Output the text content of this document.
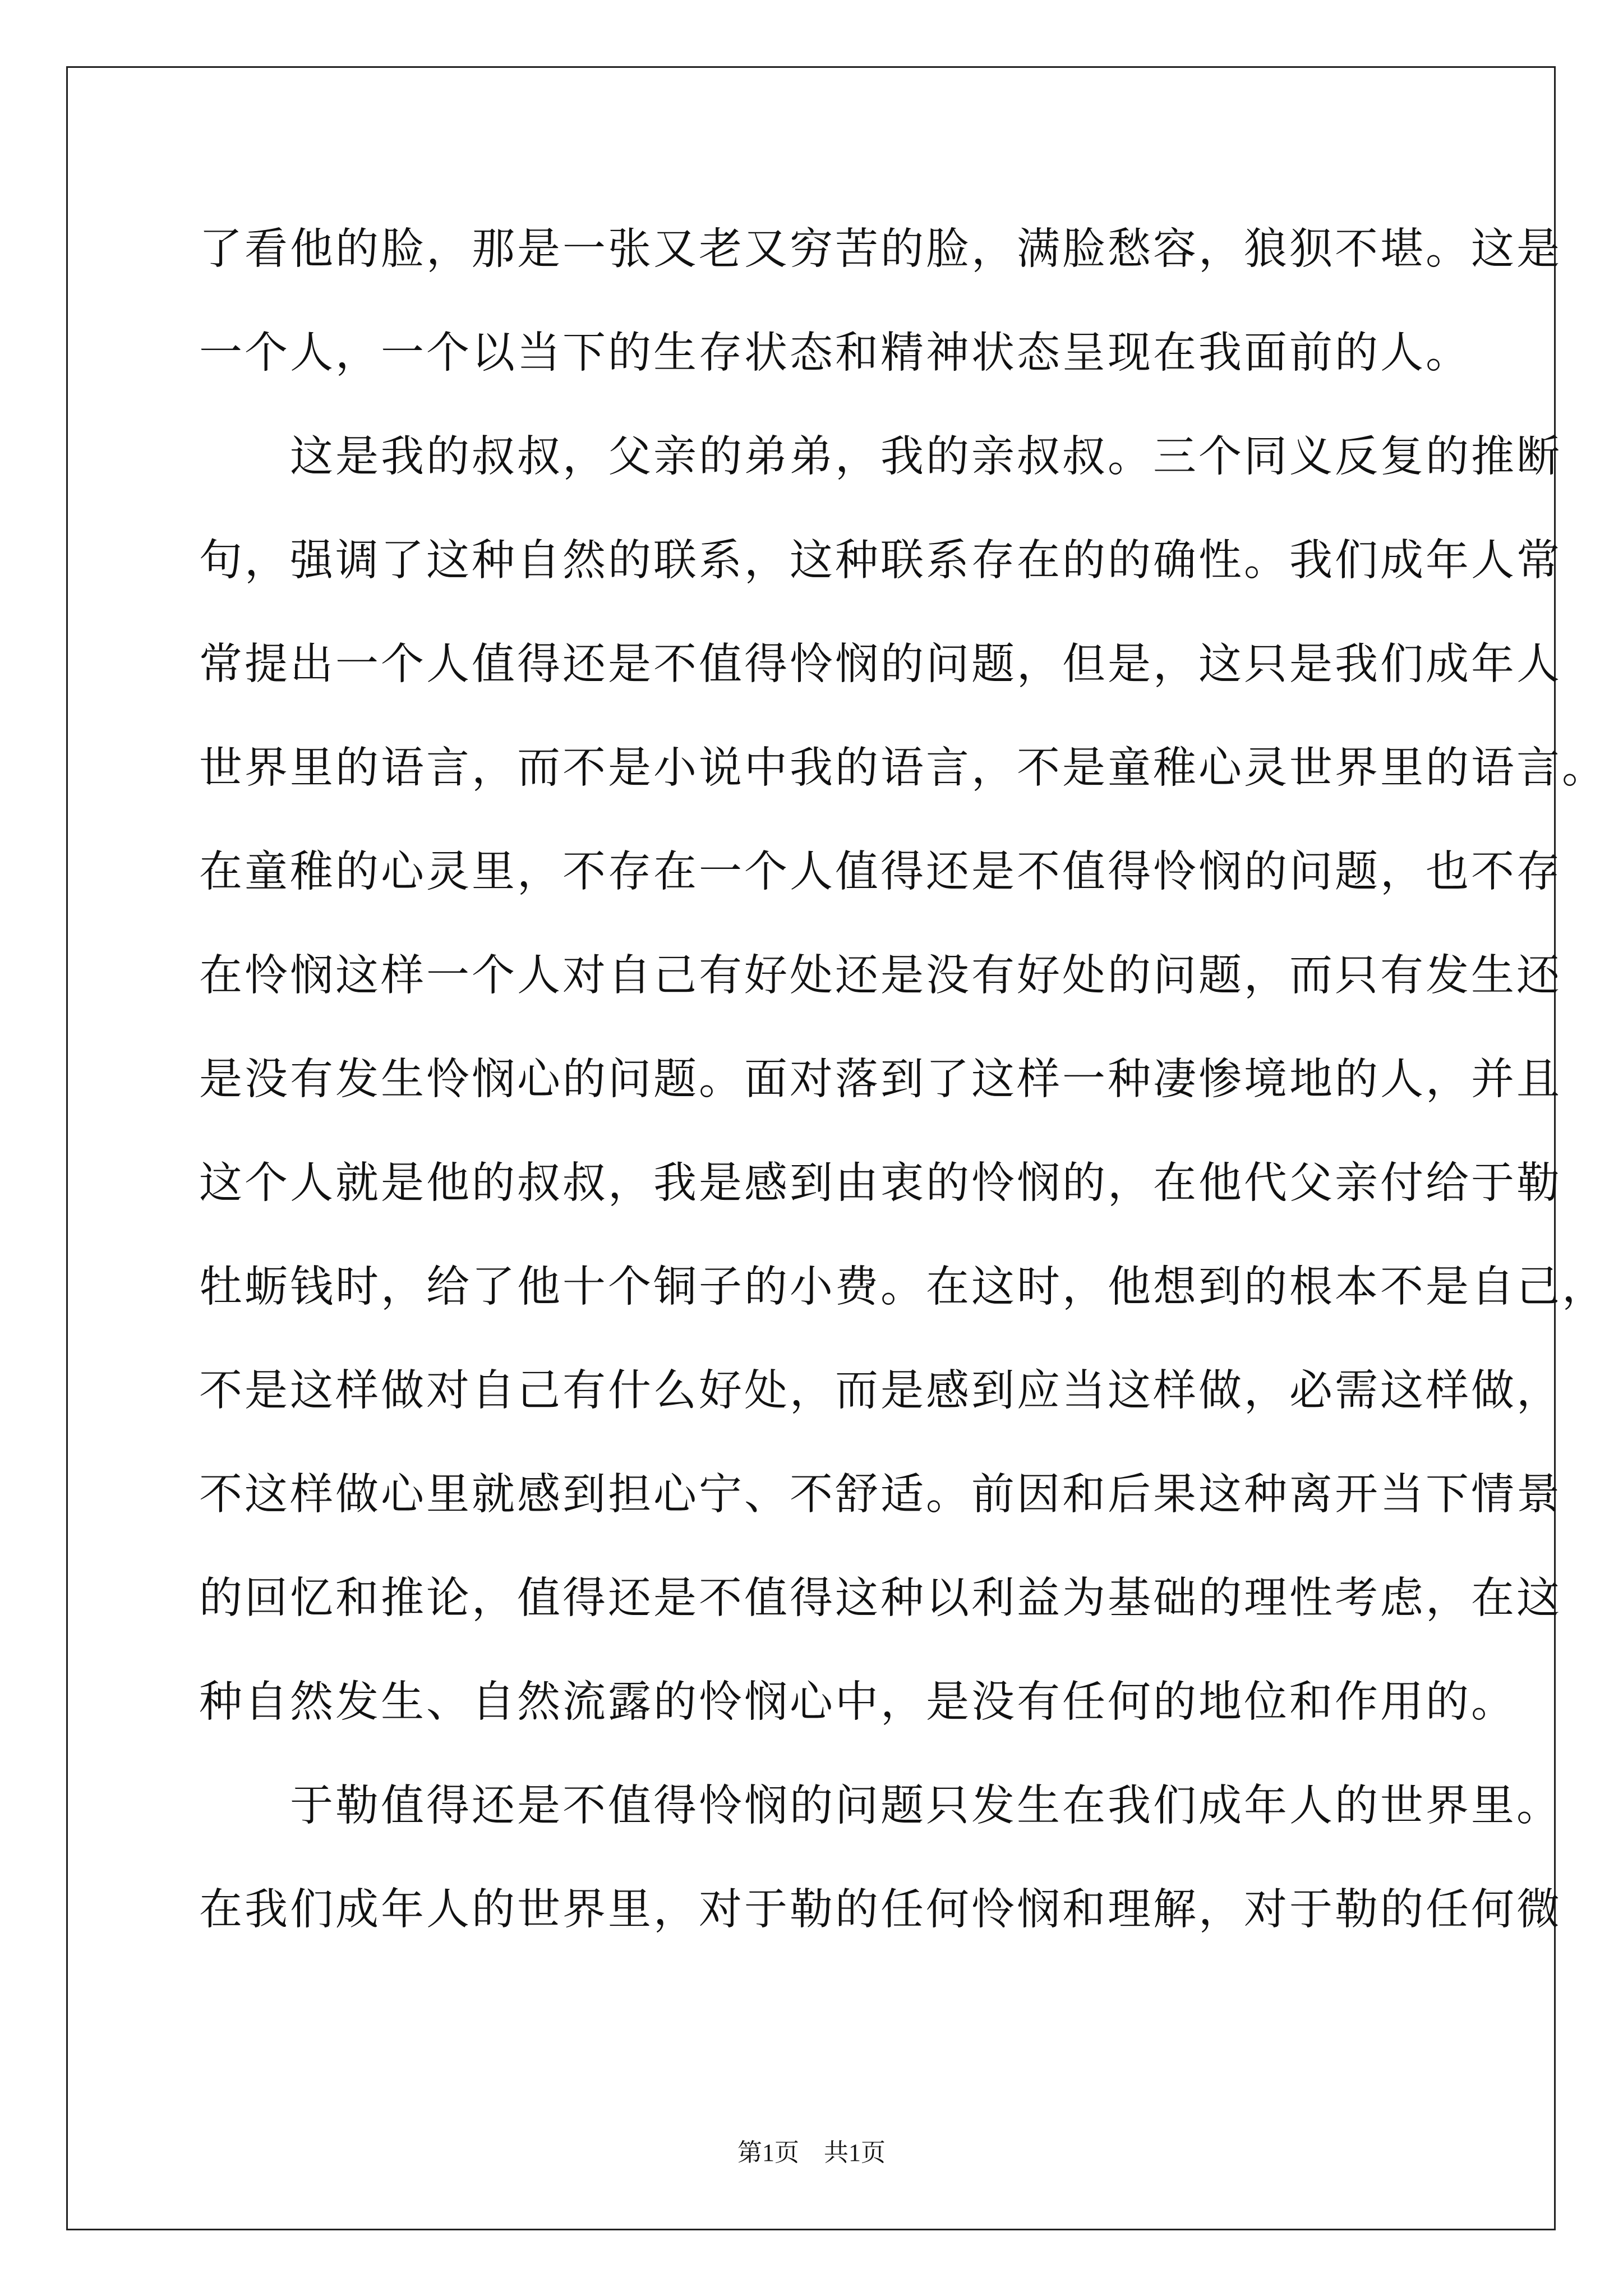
了看他的脸，那是一张又老又穷苦的脸，满脸愁容，狼狈不堪。这是
一个人，一个以当下的生存状态和精神状态呈现在我面前的人。
　　这是我的叔叔，父亲的弟弟，我的亲叔叔。三个同义反复的推断
句，强调了这种自然的联系，这种联系存在的的确性。我们成年人常
常提出一个人值得还是不值得怜悯的问题，但是，这只是我们成年人
世界里的语言，而不是小说中我的语言，不是童稚心灵世界里的语言。
在童稚的心灵里，不存在一个人值得还是不值得怜悯的问题，也不存
在怜悯这样一个人对自己有好处还是没有好处的问题，而只有发生还
是没有发生怜悯心的问题。面对落到了这样一种凄惨境地的人，并且
这个人就是他的叔叔，我是感到由衷的怜悯的，在他代父亲付给于勒
牡蛎钱时，给了他十个铜子的小费。在这时，他想到的根本不是自己，
不是这样做对自己有什么好处，而是感到应当这样做，必需这样做，
不这样做心里就感到担心宁、不舒适。前因和后果这种离开当下情景
的回忆和推论，值得还是不值得这种以利益为基础的理性考虑，在这
种自然发生、自然流露的怜悯心中，是没有任何的地位和作用的。
　　于勒值得还是不值得怜悯的问题只发生在我们成年人的世界里。
在我们成年人的世界里，对于勒的任何怜悯和理解，对于勒的任何微
第1页　共1页
